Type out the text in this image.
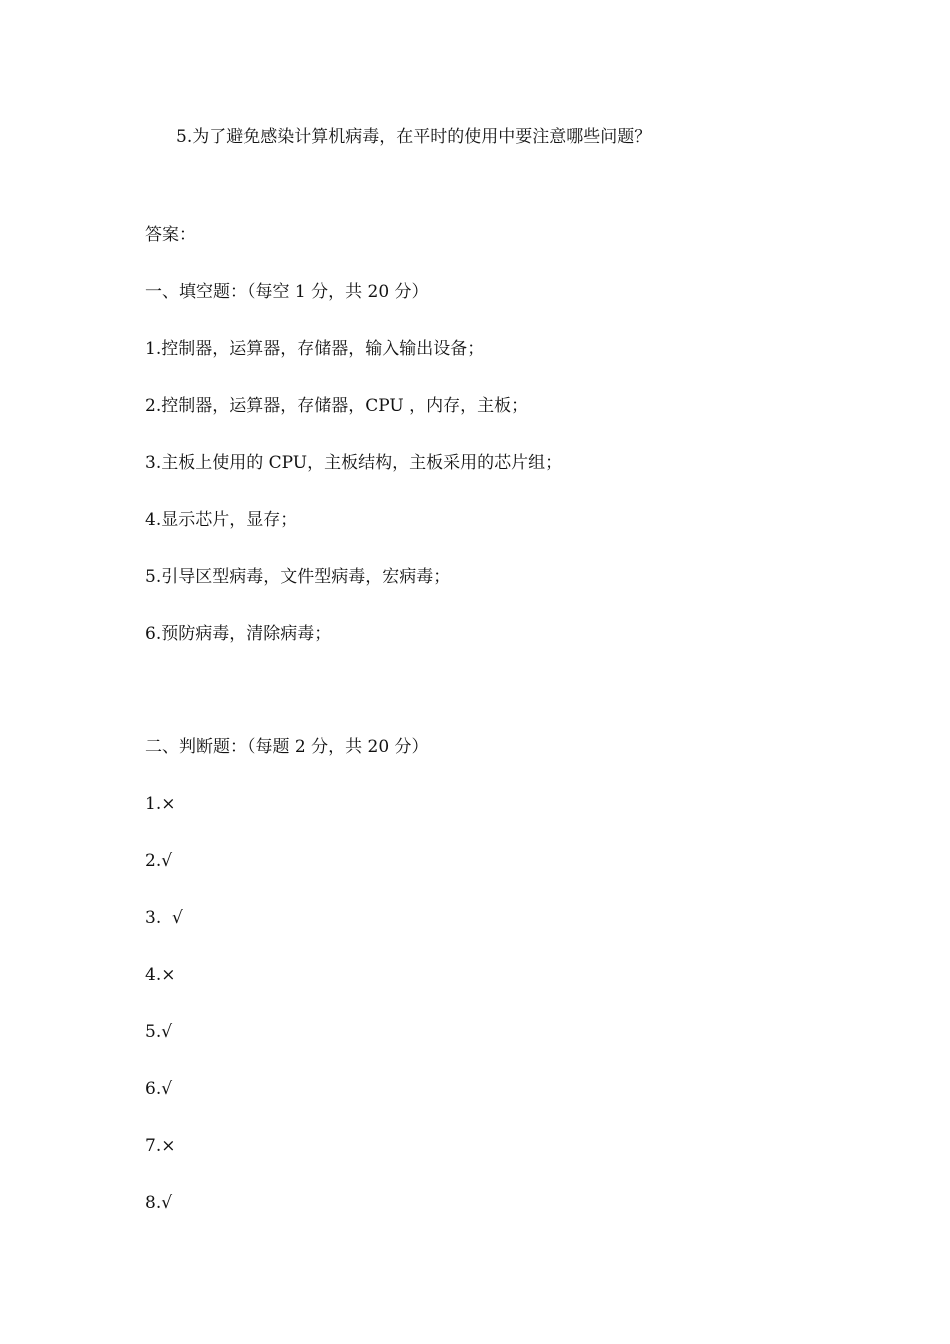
5.为了避免感染计算机病毒，在平时的使用中要注意哪些问题？

答案：

一、填空题：（每空 1 分，共 20 分）

1.控制器，运算器，存储器，输入输出设备；

2.控制器，运算器，存储器，CPU ，内存，主板；

3.主板上使用的 CPU，主板结构，主板采用的芯片组；

4.显示芯片，显存；

5.引导区型病毒，文件型病毒，宏病毒；

6.预防病毒，清除病毒；

二、判断题：（每题 2 分，共 20 分）

1.×

2.√

3.  √

4.×

5.√

6.√

7.×

8.√
